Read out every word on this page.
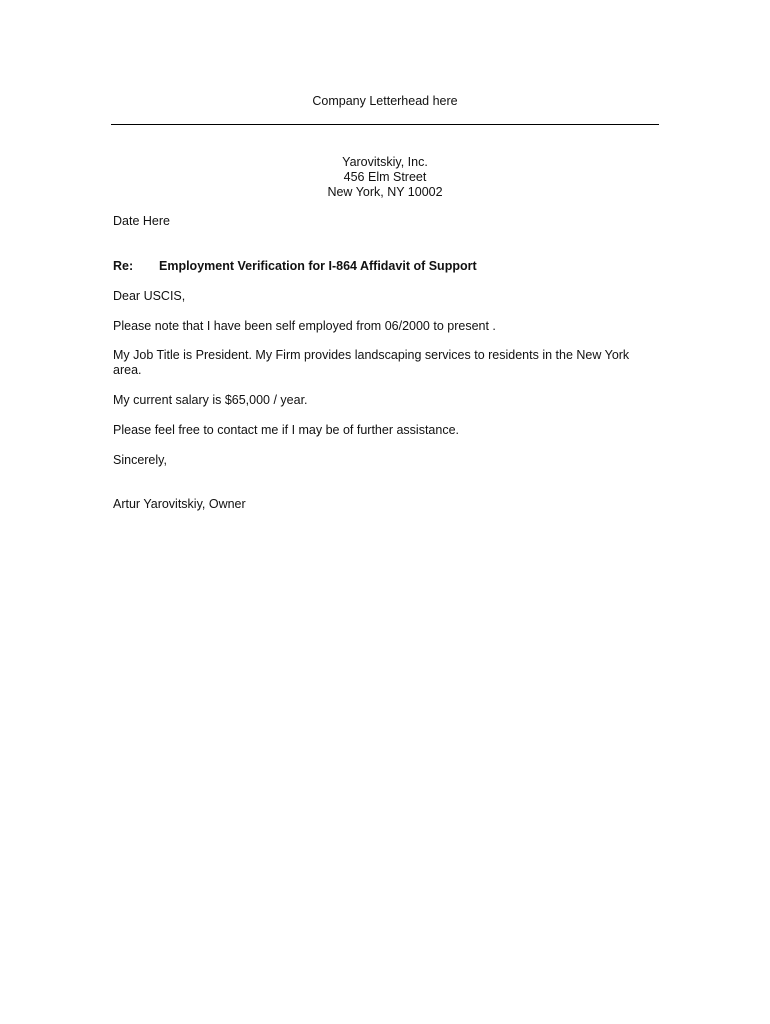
Company Letterhead here
Yarovitskiy, Inc.
456 Elm Street
New York, NY 10002
Date Here
Re: Employment Verification for I-864 Affidavit of Support
Dear USCIS,
Please note that I have been self employed from 06/2000 to present .
My Job Title is President. My Firm provides landscaping services to residents in the New York area.
My current salary is $65,000 / year.
Please feel free to contact me if I may be of further assistance.
Sincerely,
Artur Yarovitskiy, Owner
